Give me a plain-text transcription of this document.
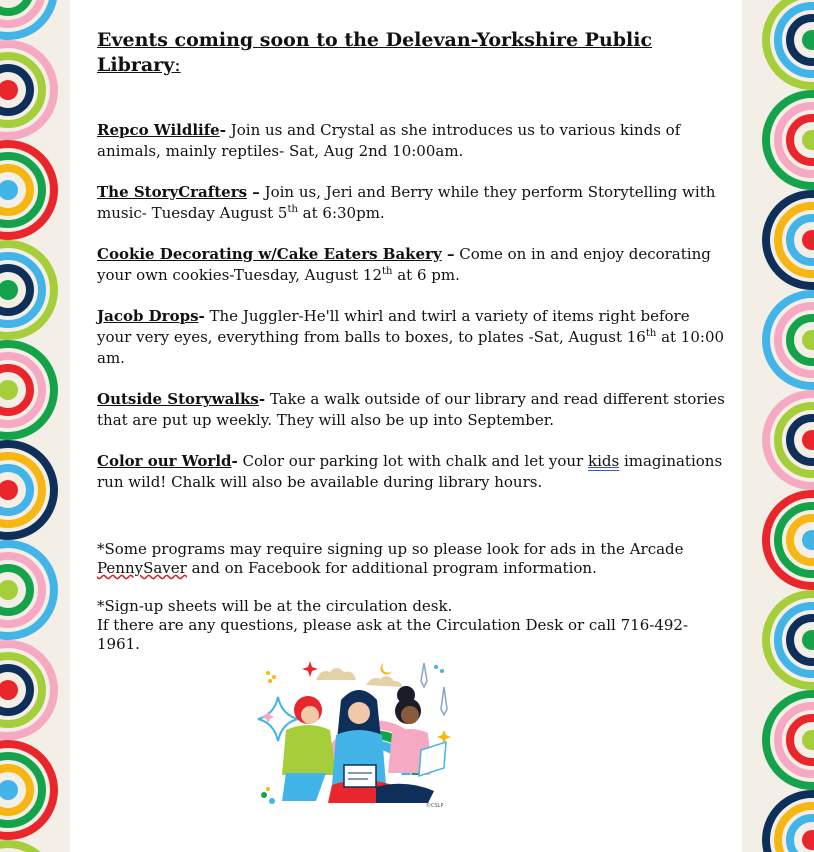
Events coming soon to the Delevan-Yorkshire Public Library:

Repco Wildlife- Join us and Crystal as she introduces us to various kinds of animals, mainly reptiles- Sat, Aug 2nd 10:00am.

The StoryCrafters – Join us, Jeri and Berry while they perform Storytelling with music- Tuesday August 5th at 6:30pm.

Cookie Decorating w/Cake Eaters Bakery – Come on in and enjoy decorating your own cookies-Tuesday, August 12th at 6 pm.

Jacob Drops- The Juggler-He'll whirl and twirl a variety of items right before your very eyes, everything from balls to boxes, to plates -Sat, August 16th at 10:00 am.

Outside Storywalks- Take a walk outside of our library and read different stories that are put up weekly. They will also be up into September.

Color our World- Color our parking lot with chalk and let your kids imaginations run wild! Chalk will also be available during library hours.

*Some programs may require signing up so please look for ads in the Arcade PennySaver and on Facebook for additional program information.

*Sign-up sheets will be at the circulation desk.
If there are any questions, please ask at the Circulation Desk or call 716-492-1961.

©CSLP
